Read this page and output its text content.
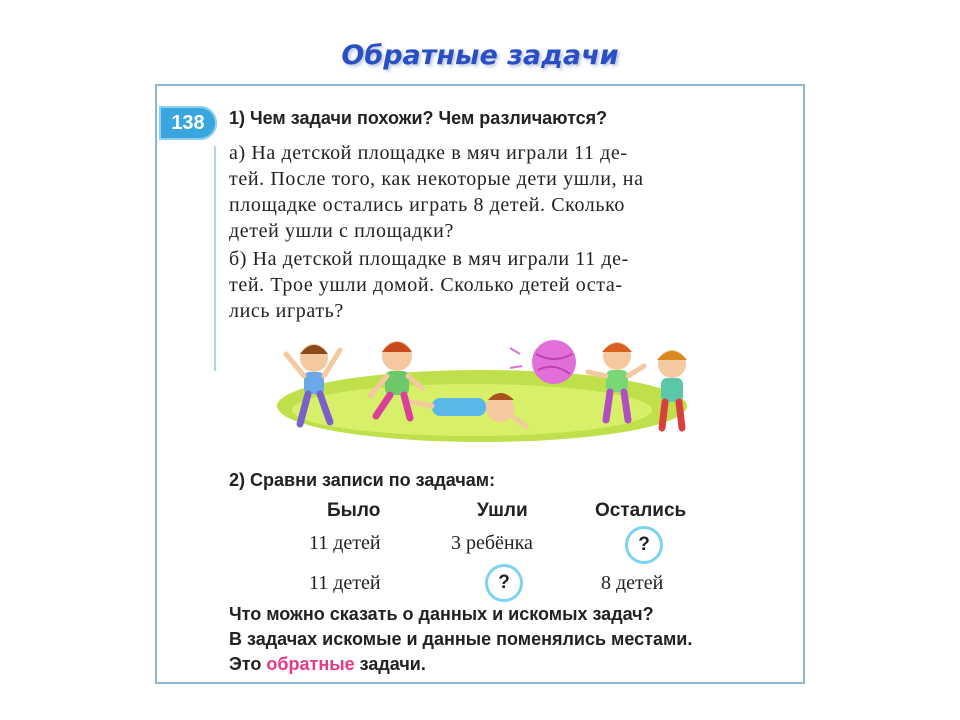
Обратные задачи
138	1) Чем задачи похожи? Чем различаются?

а) На детской площадке в мяч играли 11 де-
тей. После того, как некоторые дети ушли, на
площадке остались играть 8 детей. Сколько
детей ушли с площадки?

б) На детской площадке в мяч играли 11 де-
тей. Трое ушли домой. Сколько детей оста-
лись играть?

2) Сравни записи по задачам:
Было	Ушли	Остались
11 детей	3 ребёнка	?
11 детей	?	8 детей
Что можно сказать о данных и искомых задач?
В задачах искомые и данные поменялись местами.
Это обратные задачи.
